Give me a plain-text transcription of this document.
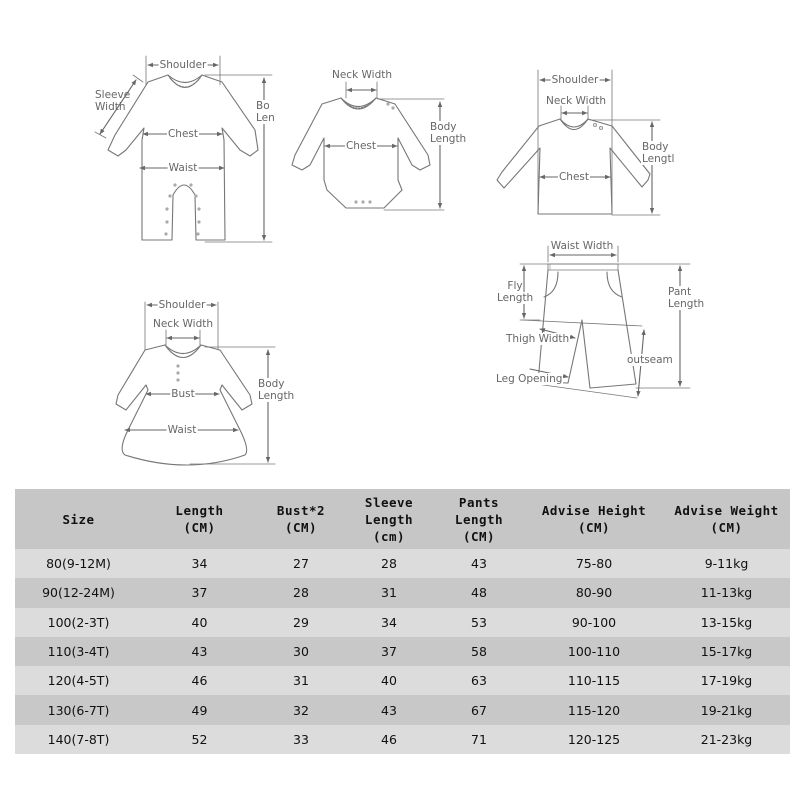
Shoulder
Sleeve
Width	Bo
Len
Chest
Waist
Neck Width
Body
Length
Chest
Shoulder
Neck Width
Body
Lengtl
Chest
Waist Width
Fly
Length	Pant
Length
Thigh Width
outseam
Leg Opening
Shoulder
Neck Width
Body
Length
Bust
Waist
Size

Length
(CM)

Bust*2
(CM)

Sleeve
Length
(cm)

Pants
Length
(CM)

Advise Height
(CM)

Advise Weight
(CM)

80(9-12M)	34	27	28	43	75-80	9-11kg
90(12-24M)	37	28	31	48	80-90	11-13kg
100(2-3T)	40	29	34	53	90-100	13-15kg
110(3-4T)	43	30	37	58	100-110	15-17kg
120(4-5T)	46	31	40	63	110-115	17-19kg
130(6-7T)	49	32	43	67	115-120	19-21kg
140(7-8T)	52	33	46	71	120-125	21-23kg
